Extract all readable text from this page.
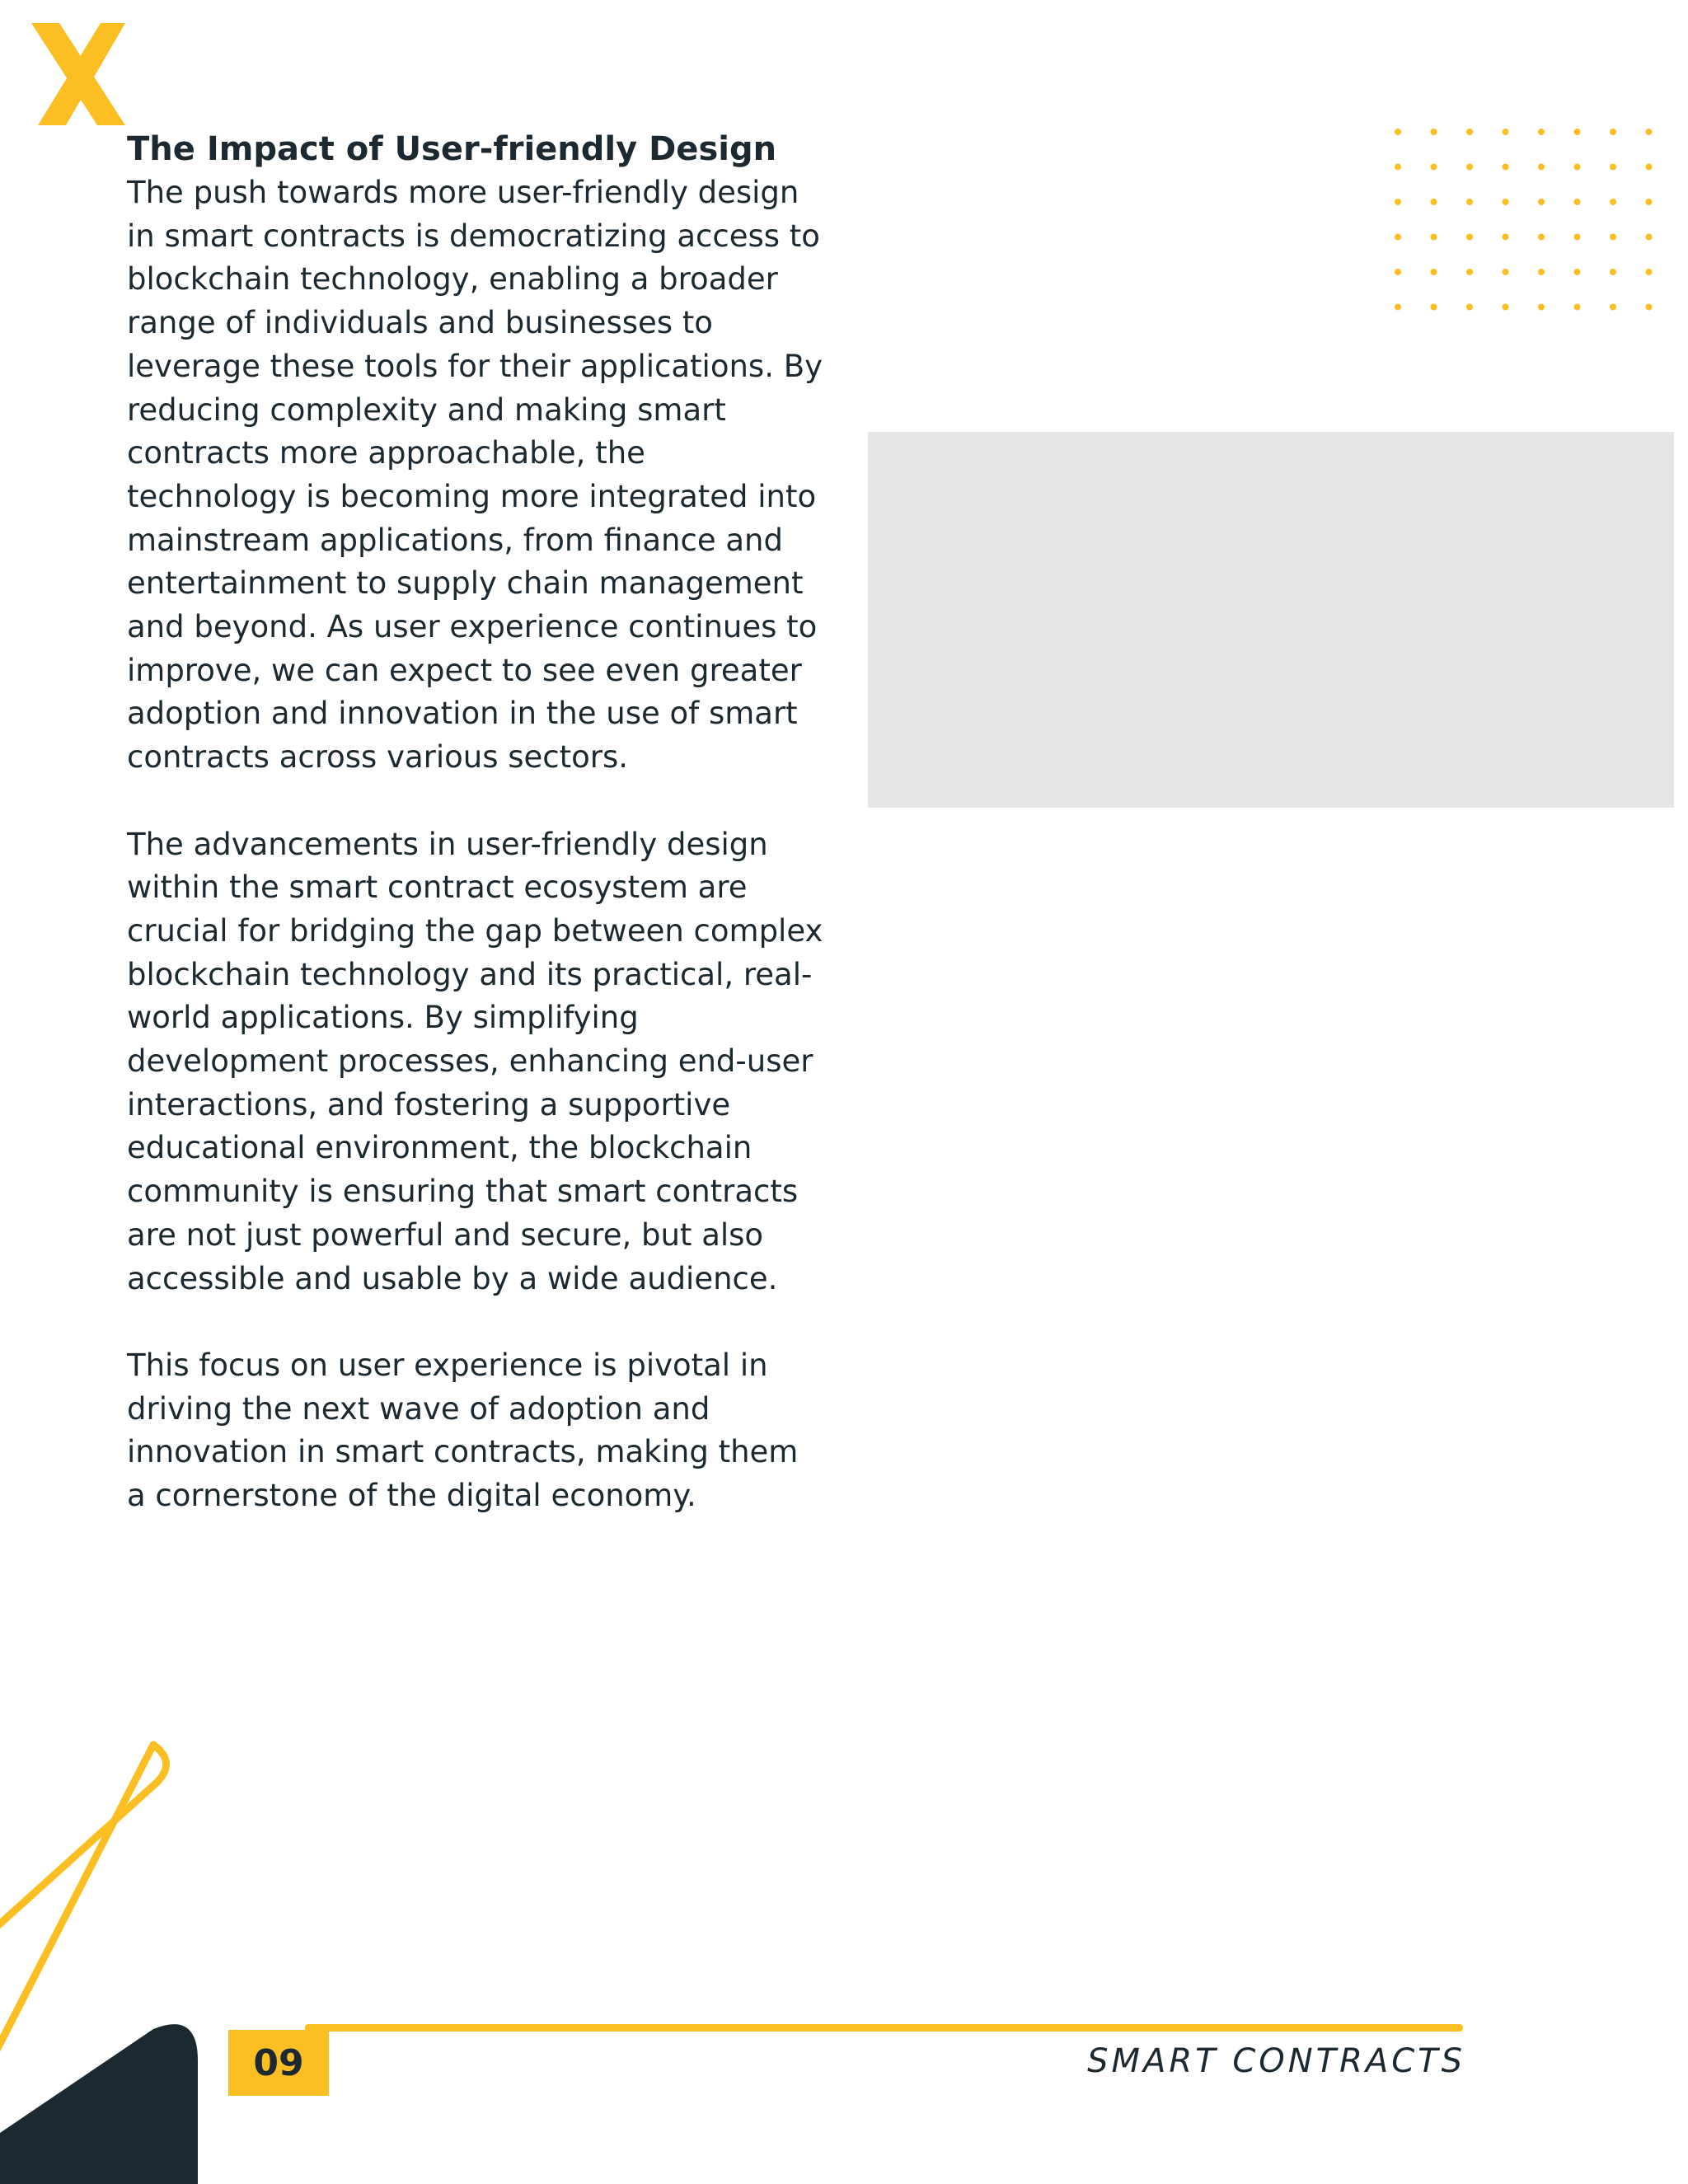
The Impact of User-friendly Design

The push towards more user-friendly design in smart contracts is democratizing access to blockchain technology, enabling a broader range of individuals and businesses to leverage these tools for their applications. By reducing complexity and making smart contracts more approachable, the technology is becoming more integrated into mainstream applications, from finance and entertainment to supply chain management and beyond. As user experience continues to improve, we can expect to see even greater adoption and innovation in the use of smart contracts across various sectors.

The advancements in user-friendly design within the smart contract ecosystem are crucial for bridging the gap between complex blockchain technology and its practical, real-world applications. By simplifying development processes, enhancing end-user interactions, and fostering a supportive educational environment, the blockchain community is ensuring that smart contracts are not just powerful and secure, but also accessible and usable by a wide audience.

This focus on user experience is pivotal in driving the next wave of adoption and innovation in smart contracts, making them a cornerstone of the digital economy.

09	SMART CONTRACTS
